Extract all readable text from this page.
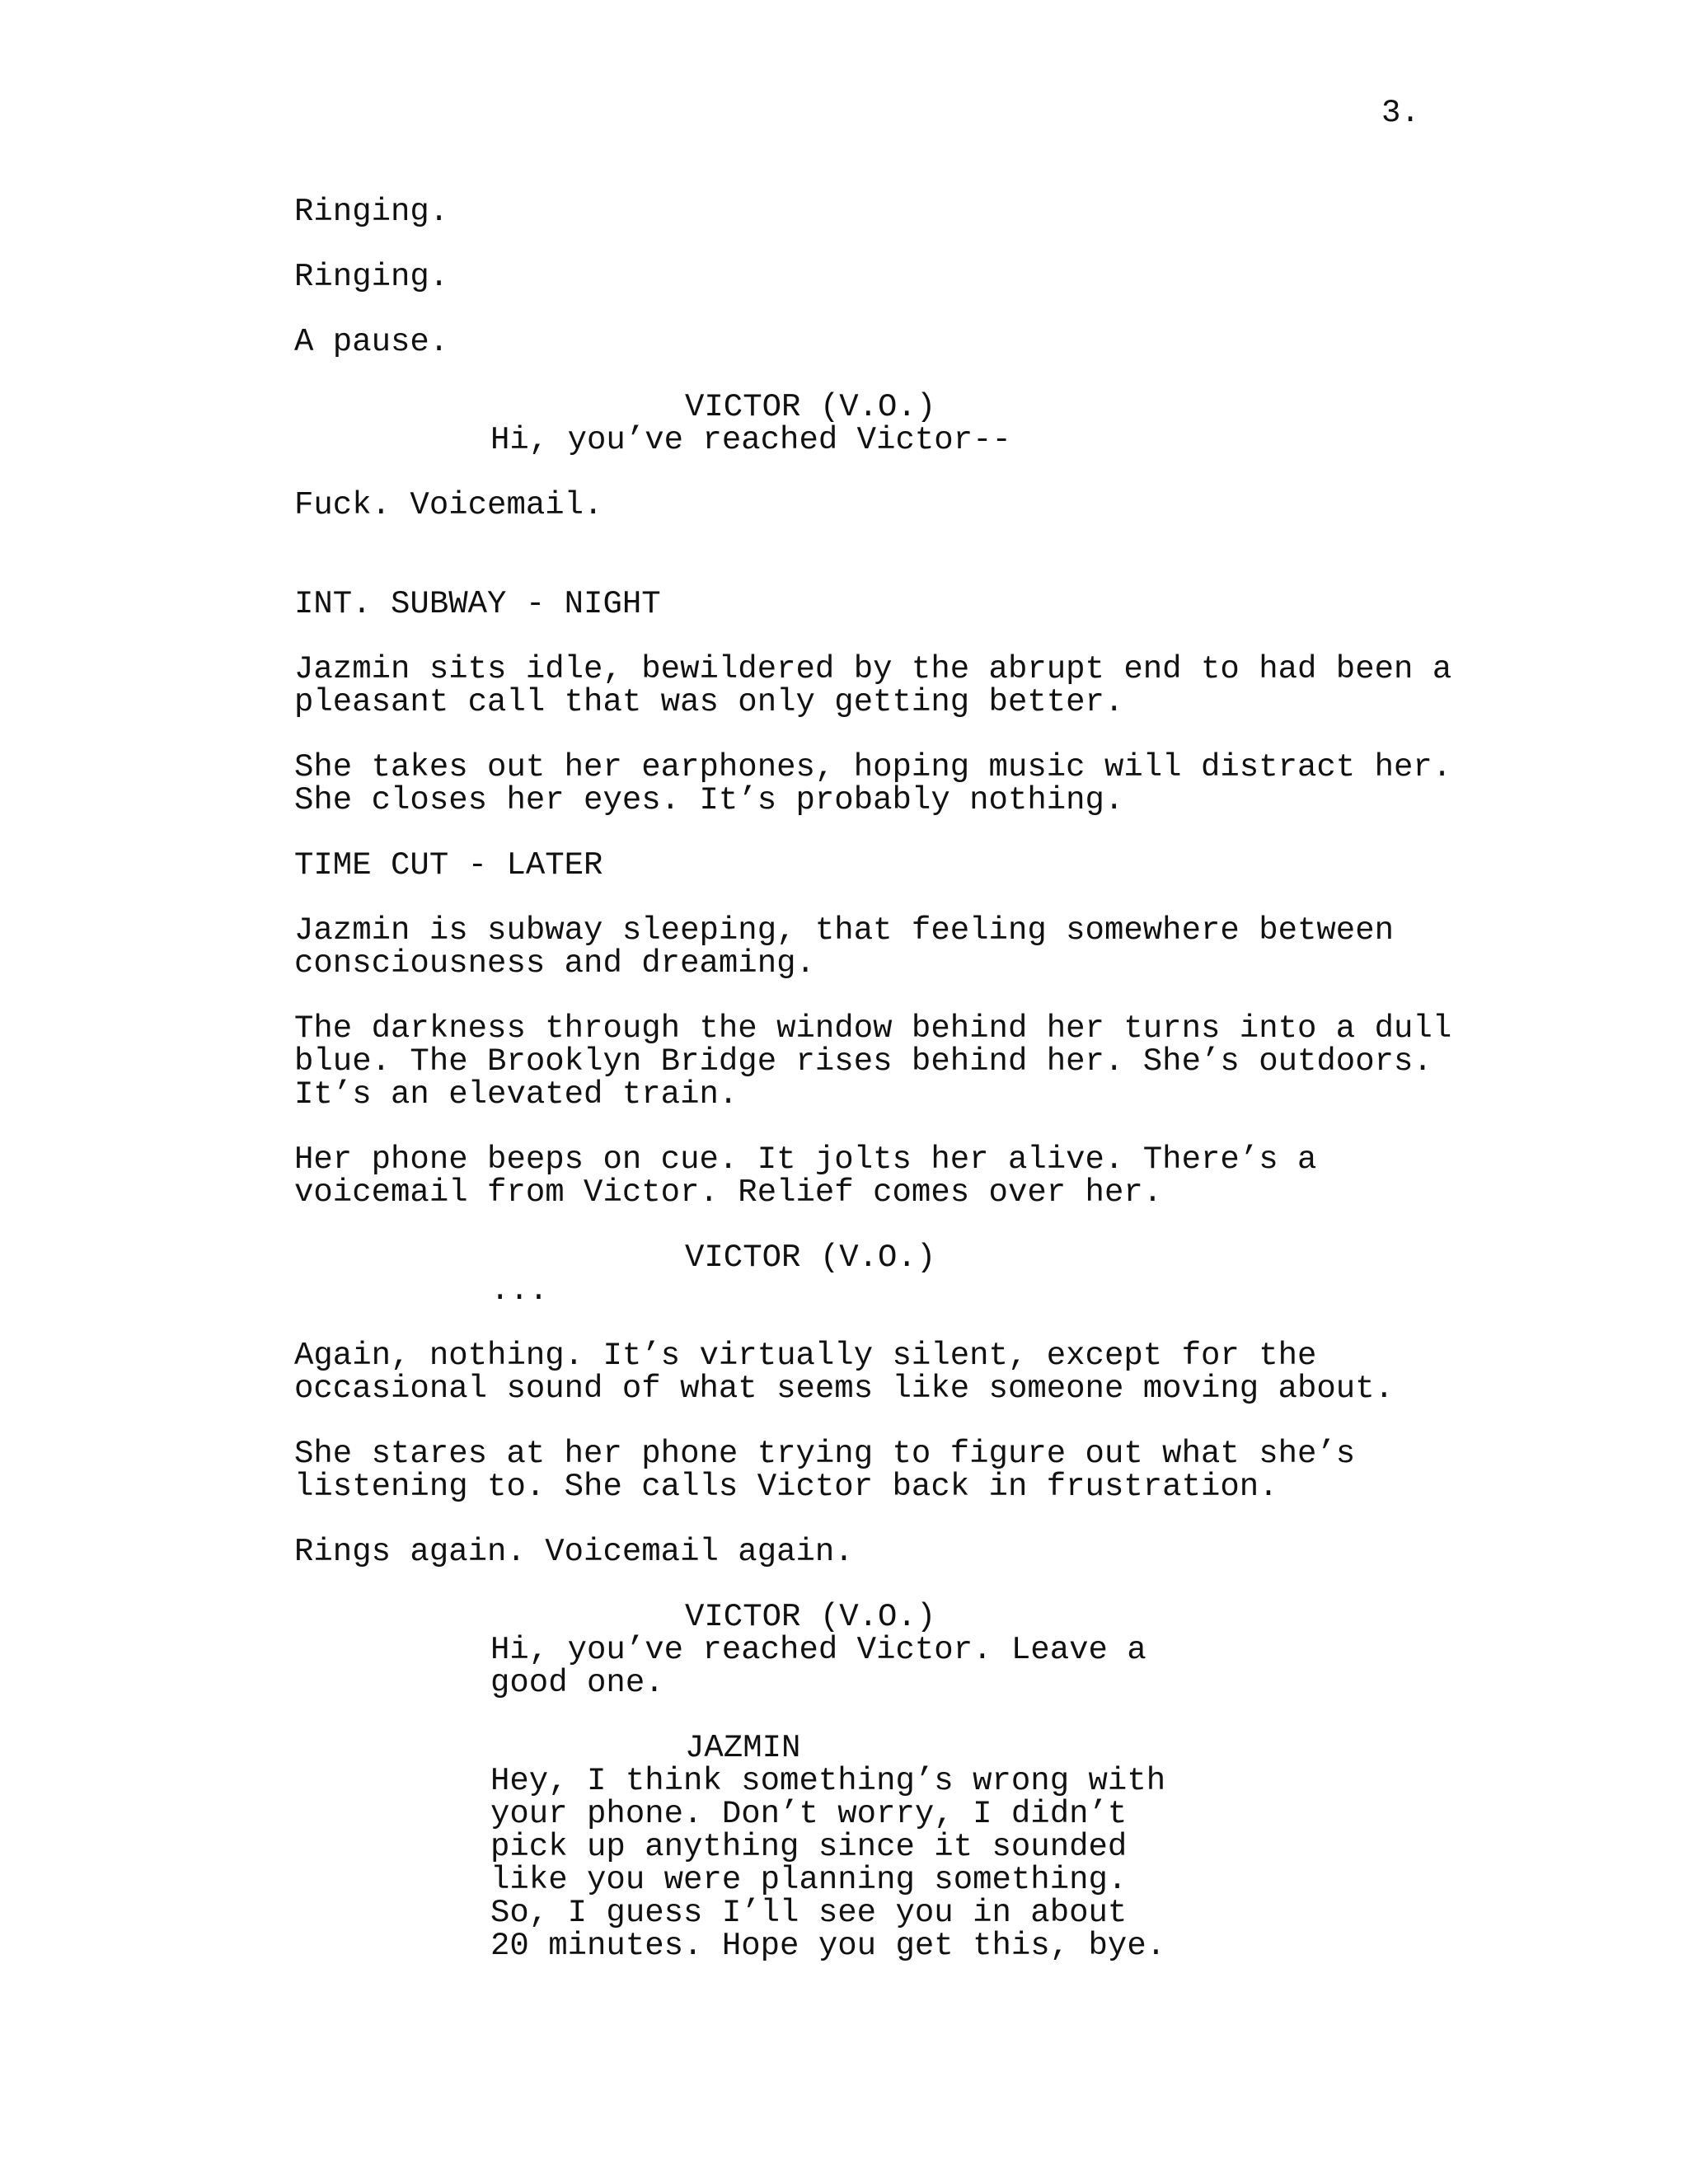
3.
Ringing.
Ringing.
A pause.
VICTOR (V.O.)
Hi, you’ve reached Victor--
Fuck. Voicemail.
INT. SUBWAY - NIGHT
Jazmin sits idle, bewildered by the abrupt end to had been a
pleasant call that was only getting better.
She takes out her earphones, hoping music will distract her.
She closes her eyes. It’s probably nothing.
TIME CUT - LATER
Jazmin is subway sleeping, that feeling somewhere between
consciousness and dreaming.
The darkness through the window behind her turns into a dull
blue. The Brooklyn Bridge rises behind her. She’s outdoors.
It’s an elevated train.
Her phone beeps on cue. It jolts her alive. There’s a
voicemail from Victor. Relief comes over her.
VICTOR (V.O.)
...
Again, nothing. It’s virtually silent, except for the
occasional sound of what seems like someone moving about.
She stares at her phone trying to figure out what she’s
listening to. She calls Victor back in frustration.
Rings again. Voicemail again.
VICTOR (V.O.)
Hi, you’ve reached Victor. Leave a
good one.
JAZMIN
Hey, I think something’s wrong with
your phone. Don’t worry, I didn’t
pick up anything since it sounded
like you were planning something.
So, I guess I’ll see you in about
20 minutes. Hope you get this, bye.
